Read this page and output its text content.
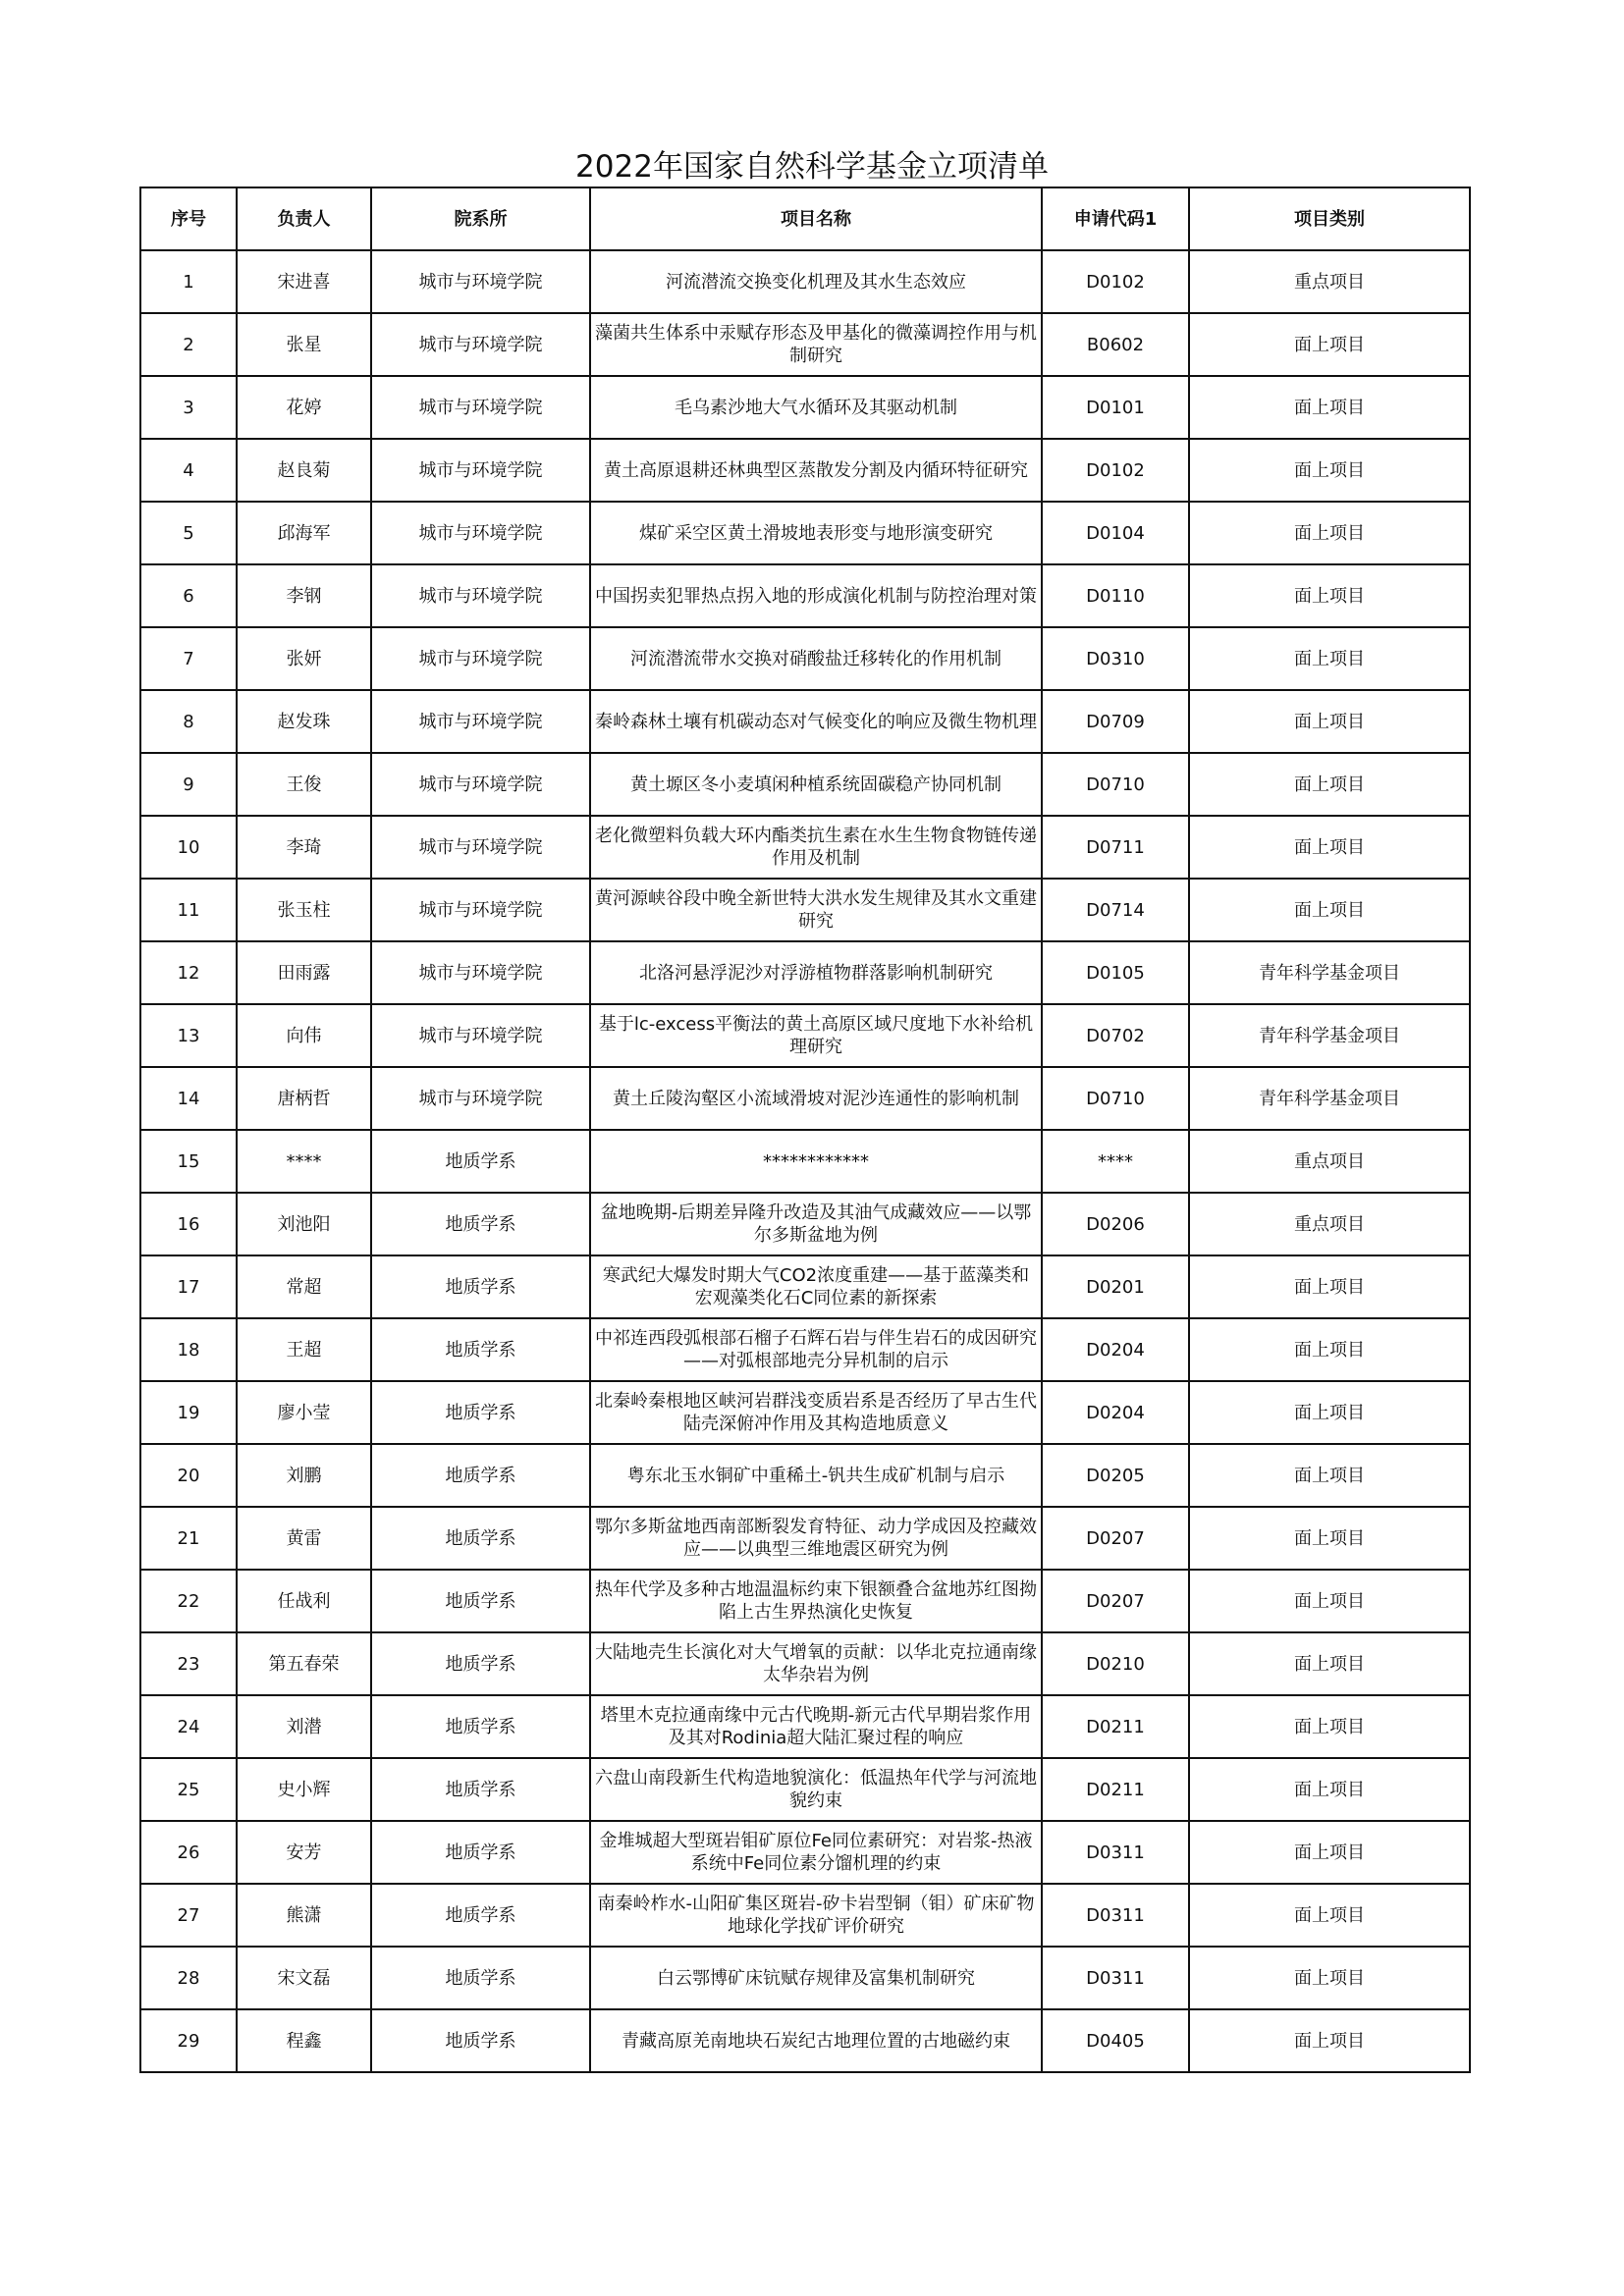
2022年国家自然科学基金立项清单
序号	负责人	院系所	项目名称	申请代码1	项目类别
1	宋进喜	城市与环境学院	河流潜流交换变化机理及其水生态效应	D0102	重点项目
2	张星	城市与环境学院	藻菌共生体系中汞赋存形态及甲基化的微藻调控作用与机制研究	B0602	面上项目
3	花婷	城市与环境学院	毛乌素沙地大气水循环及其驱动机制	D0101	面上项目
4	赵良菊	城市与环境学院	黄土高原退耕还林典型区蒸散发分割及内循环特征研究	D0102	面上项目
5	邱海军	城市与环境学院	煤矿采空区黄土滑坡地表形变与地形演变研究	D0104	面上项目
6	李钢	城市与环境学院	中国拐卖犯罪热点拐入地的形成演化机制与防控治理对策	D0110	面上项目
7	张妍	城市与环境学院	河流潜流带水交换对硝酸盐迁移转化的作用机制	D0310	面上项目
8	赵发珠	城市与环境学院	秦岭森林土壤有机碳动态对气候变化的响应及微生物机理	D0709	面上项目
9	王俊	城市与环境学院	黄土塬区冬小麦填闲种植系统固碳稳产协同机制	D0710	面上项目
10	李琦	城市与环境学院	老化微塑料负载大环内酯类抗生素在水生生物食物链传递作用及机制	D0711	面上项目
11	张玉柱	城市与环境学院	黄河源峡谷段中晚全新世特大洪水发生规律及其水文重建研究	D0714	面上项目
12	田雨露	城市与环境学院	北洛河悬浮泥沙对浮游植物群落影响机制研究	D0105	青年科学基金项目
13	向伟	城市与环境学院	基于lc-excess平衡法的黄土高原区域尺度地下水补给机理研究	D0702	青年科学基金项目
14	唐柄哲	城市与环境学院	黄土丘陵沟壑区小流域滑坡对泥沙连通性的影响机制	D0710	青年科学基金项目
15	****	地质学系	************	****	重点项目
16	刘池阳	地质学系	盆地晚期-后期差异隆升改造及其油气成藏效应——以鄂尔多斯盆地为例	D0206	重点项目
17	常超	地质学系	寒武纪大爆发时期大气CO2浓度重建——基于蓝藻类和宏观藻类化石C同位素的新探索	D0201	面上项目
18	王超	地质学系	中祁连西段弧根部石榴子石辉石岩与伴生岩石的成因研究——对弧根部地壳分异机制的启示	D0204	面上项目
19	廖小莹	地质学系	北秦岭秦根地区峡河岩群浅变质岩系是否经历了早古生代陆壳深俯冲作用及其构造地质意义	D0204	面上项目
20	刘鹏	地质学系	粤东北玉水铜矿中重稀土-钒共生成矿机制与启示	D0205	面上项目
21	黄雷	地质学系	鄂尔多斯盆地西南部断裂发育特征、动力学成因及控藏效应——以典型三维地震区研究为例	D0207	面上项目
22	任战利	地质学系	热年代学及多种古地温温标约束下银额叠合盆地苏红图拗陷上古生界热演化史恢复	D0207	面上项目
23	第五春荣	地质学系	大陆地壳生长演化对大气增氧的贡献：以华北克拉通南缘太华杂岩为例	D0210	面上项目
24	刘潜	地质学系	塔里木克拉通南缘中元古代晚期-新元古代早期岩浆作用及其对Rodinia超大陆汇聚过程的响应	D0211	面上项目
25	史小辉	地质学系	六盘山南段新生代构造地貌演化：低温热年代学与河流地貌约束	D0211	面上项目
26	安芳	地质学系	金堆城超大型斑岩钼矿原位Fe同位素研究：对岩浆-热液系统中Fe同位素分馏机理的约束	D0311	面上项目
27	熊潇	地质学系	南秦岭柞水-山阳矿集区斑岩-矽卡岩型铜（钼）矿床矿物地球化学找矿评价研究	D0311	面上项目
28	宋文磊	地质学系	白云鄂博矿床钪赋存规律及富集机制研究	D0311	面上项目
29	程鑫	地质学系	青藏高原羌南地块石炭纪古地理位置的古地磁约束	D0405	面上项目
